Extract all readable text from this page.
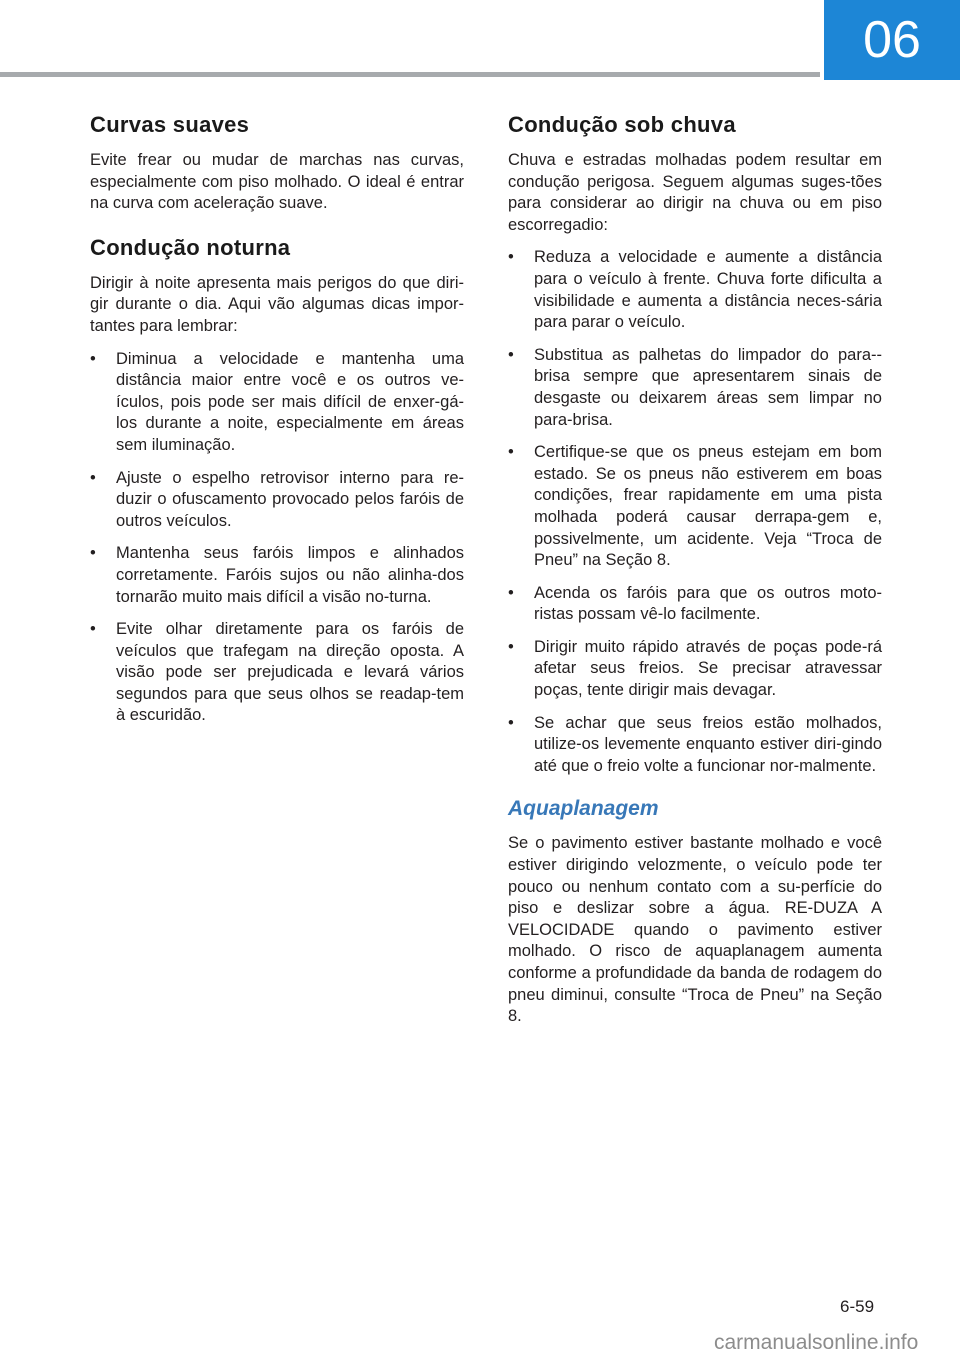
06
Curvas suaves

Evite frear ou mudar de marchas nas curvas, especialmente com piso molhado. O ideal é entrar na curva com aceleração suave.

Condução noturna

Dirigir à noite apresenta mais perigos do que diri-gir durante o dia. Aqui vão algumas dicas impor-tantes para lembrar:

• Diminua a velocidade e mantenha uma distância maior entre você e os outros ve-ículos, pois pode ser mais difícil de enxer-gá-los durante a noite, especialmente em áreas sem iluminação.
• Ajuste o espelho retrovisor interno para re-duzir o ofuscamento provocado pelos faróis de outros veículos.
• Mantenha seus faróis limpos e alinhados corretamente. Faróis sujos ou não alinha-dos tornarão muito mais difícil a visão no-turna.
• Evite olhar diretamente para os faróis de veículos que trafegam na direção oposta. A visão pode ser prejudicada e levará vários segundos para que seus olhos se readap-tem à escuridão.
Condução sob chuva

Chuva e estradas molhadas podem resultar em condução perigosa. Seguem algumas suges-tões para considerar ao dirigir na chuva ou em piso escorregadio:

• Reduza a velocidade e aumente a distância para o veículo à frente. Chuva forte dificulta a visibilidade e aumenta a distância neces-sária para parar o veículo.
• Substitua as palhetas do limpador do para--brisa sempre que apresentarem sinais de desgaste ou deixarem áreas sem limpar no para-brisa.
• Certifique-se que os pneus estejam em bom estado. Se os pneus não estiverem em boas condições, frear rapidamente em uma pista molhada poderá causar derrapa-gem e, possivelmente, um acidente. Veja “Troca de Pneu” na Seção 8.
• Acenda os faróis para que os outros moto-ristas possam vê-lo facilmente.
• Dirigir muito rápido através de poças pode-rá afetar seus freios. Se precisar atravessar poças, tente dirigir mais devagar.
• Se achar que seus freios estão molhados, utilize-os levemente enquanto estiver diri-gindo até que o freio volte a funcionar nor-malmente.
Aquaplanagem

Se o pavimento estiver bastante molhado e você estiver dirigindo velozmente, o veículo pode ter pouco ou nenhum contato com a su-perfície do piso e deslizar sobre a água. RE-DUZA A VELOCIDADE quando o pavimento estiver molhado. O risco de aquaplanagem aumenta conforme a profundidade da banda de rodagem do pneu diminui, consulte “Troca de Pneu” na Seção 8.

6-59
carmanualsonline.info
